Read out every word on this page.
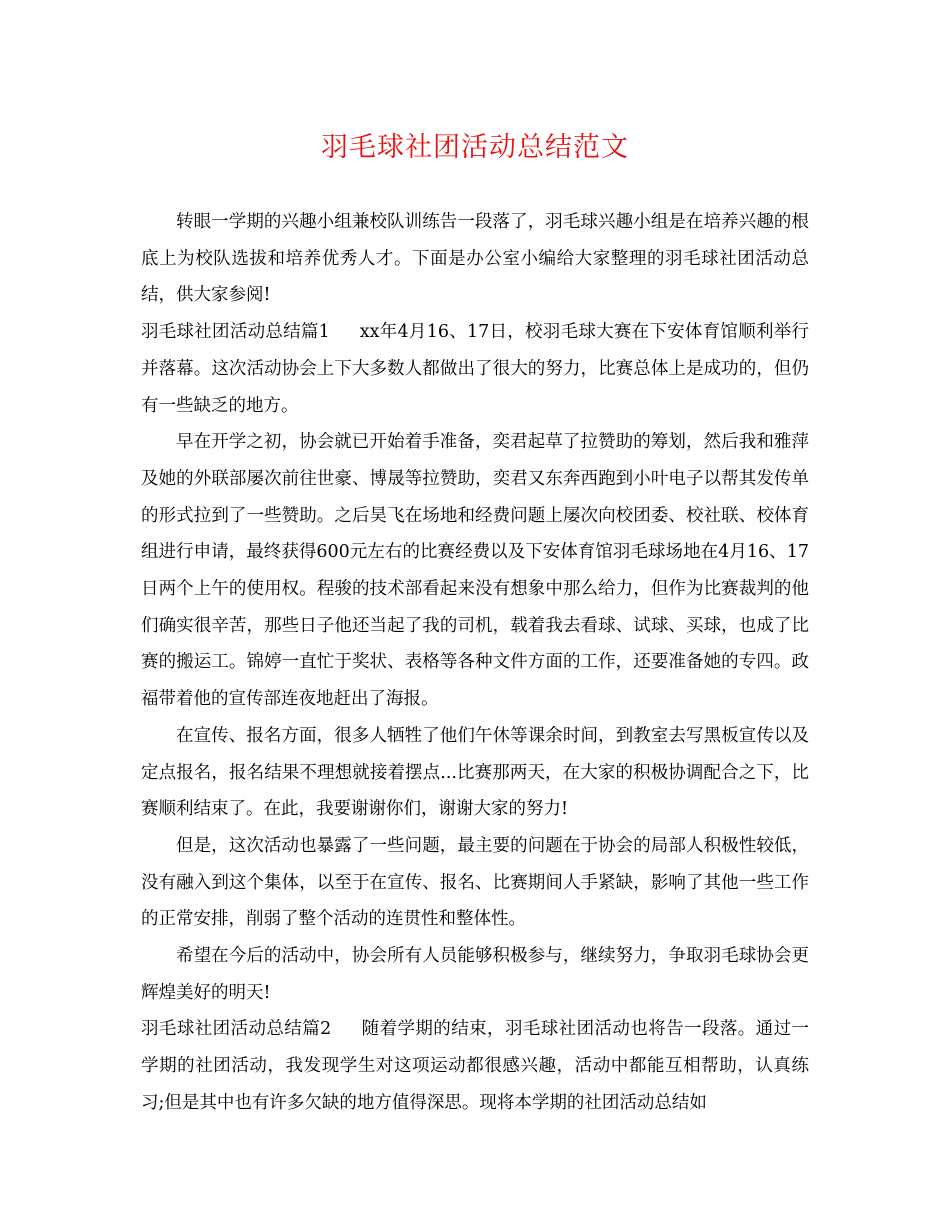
羽毛球社团活动总结范文

转眼一学期的兴趣小组兼校队训练告一段落了，羽毛球兴趣小组是在培养兴趣的根底上为校队选拔和培养优秀人才。下面是办公室小编给大家整理的羽毛球社团活动总结，供大家参阅!

羽毛球社团活动总结篇1 xx年4月16、17日，校羽毛球大赛在下安体育馆顺利举行并落幕。这次活动协会上下大多数人都做出了很大的努力，比赛总体上是成功的，但仍有一些缺乏的地方。

早在开学之初，协会就已开始着手准备，奕君起草了拉赞助的筹划，然后我和雅萍及她的外联部屡次前往世豪、博晟等拉赞助，奕君又东奔西跑到小叶电子以帮其发传单的形式拉到了一些赞助。之后昊飞在场地和经费问题上屡次向校团委、校社联、校体育组进行申请，最终获得600元左右的比赛经费以及下安体育馆羽毛球场地在4月16、17日两个上午的使用权。程骏的技术部看起来没有想象中那么给力，但作为比赛裁判的他们确实很辛苦，那些日子他还当起了我的司机，载着我去看球、试球、买球，也成了比赛的搬运工。锦婷一直忙于奖状、表格等各种文件方面的工作，还要准备她的专四。政福带着他的宣传部连夜地赶出了海报。

在宣传、报名方面，很多人牺牲了他们午休等课余时间，到教室去写黑板宣传以及定点报名，报名结果不理想就接着摆点...比赛那两天，在大家的积极协调配合之下，比赛顺利结束了。在此，我要谢谢你们，谢谢大家的努力!

但是，这次活动也暴露了一些问题，最主要的问题在于协会的局部人积极性较低，没有融入到这个集体，以至于在宣传、报名、比赛期间人手紧缺，影响了其他一些工作的正常安排，削弱了整个活动的连贯性和整体性。

希望在今后的活动中，协会所有人员能够积极参与，继续努力，争取羽毛球协会更辉煌美好的明天!

羽毛球社团活动总结篇2 随着学期的结束，羽毛球社团活动也将告一段落。通过一学期的社团活动，我发现学生对这项运动都很感兴趣，活动中都能互相帮助，认真练习;但是其中也有许多欠缺的地方值得深思。现将本学期的社团活动总结如
